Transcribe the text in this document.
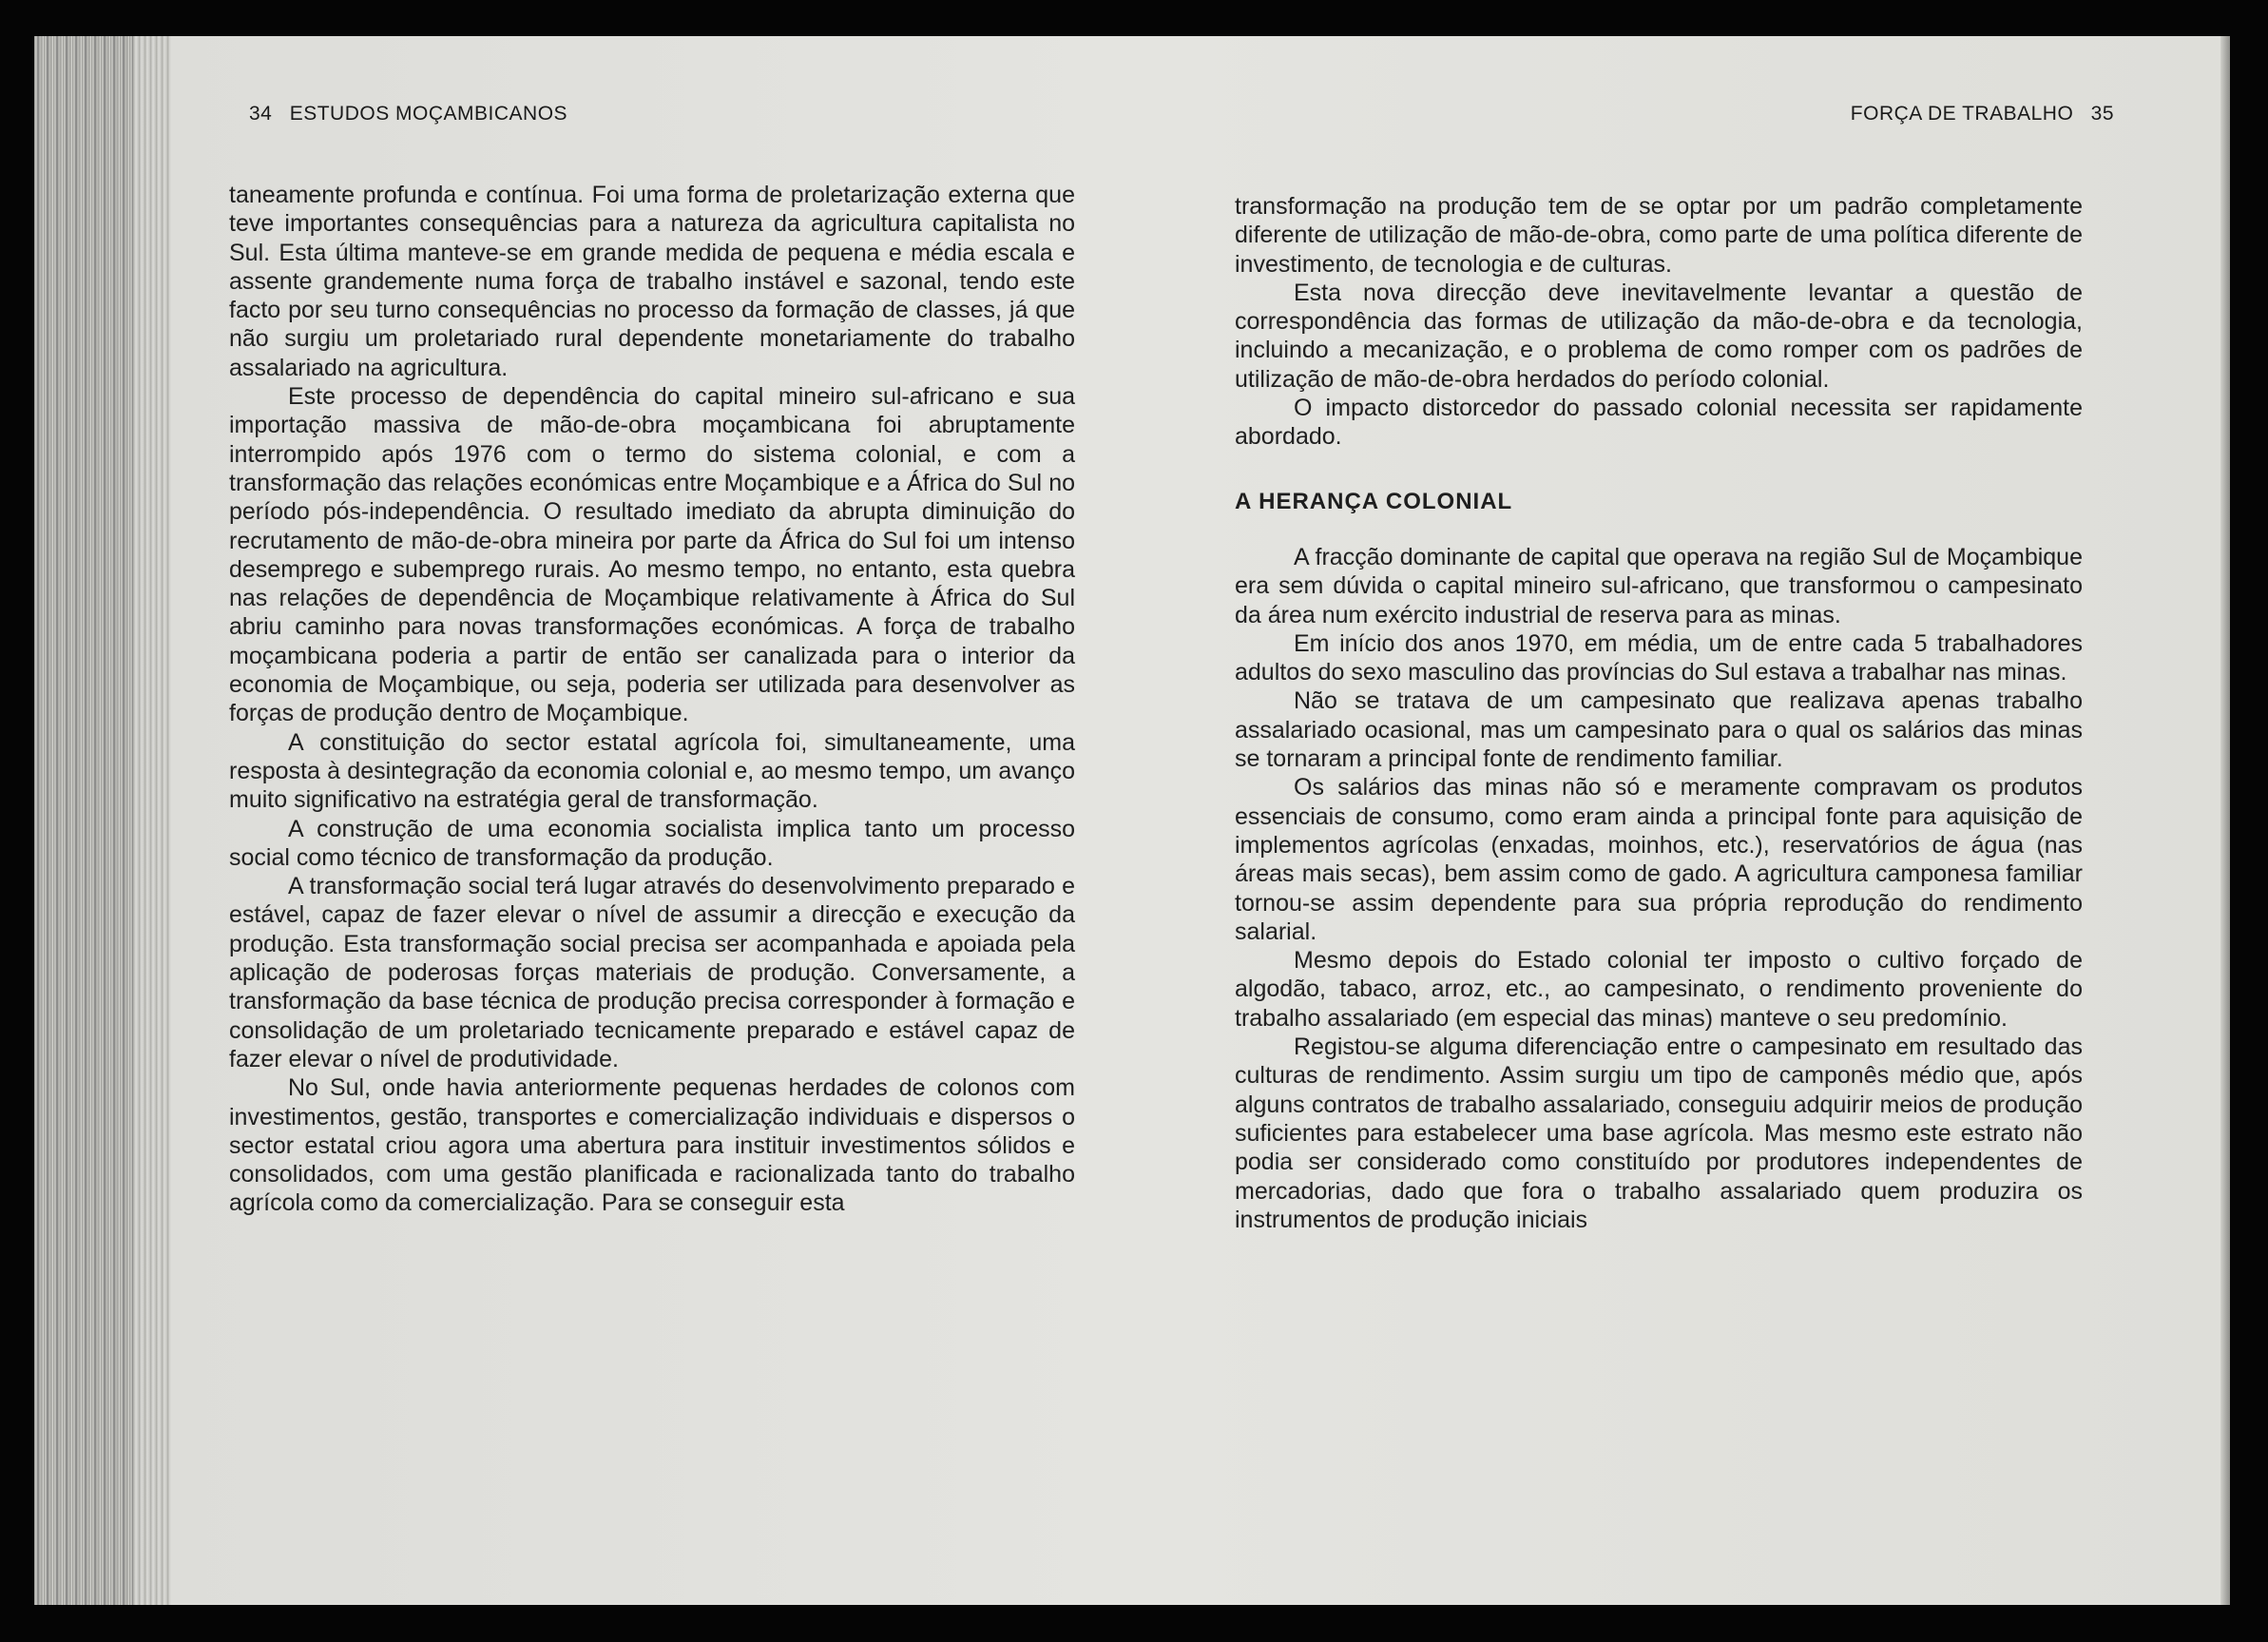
34 ESTUDOS MOÇAMBICANOS	FORÇA DE TRABALHO 35

taneamente profunda e contínua. Foi uma forma de proletarização externa que teve importantes consequências para a natureza da agricultura capitalista no Sul. Esta última manteve-se em grande medida de pequena e média escala e assente grandemente numa força de trabalho instável e sazonal, tendo este facto por seu turno consequências no processo da formação de classes, já que não surgiu um proletariado rural dependente monetariamente do trabalho assalariado na agricultura.

Este processo de dependência do capital mineiro sul-africano e sua importação massiva de mão-de-obra moçambicana foi abruptamente interrompido após 1976 com o termo do sistema colonial, e com a transformação das relações económicas entre Moçambique e a África do Sul no período pós-independência. O resultado imediato da abrupta diminuição do recrutamento de mão-de-obra mineira por parte da África do Sul foi um intenso desemprego e subemprego rurais. Ao mesmo tempo, no entanto, esta quebra nas relações de dependência de Moçambique relativamente à África do Sul abriu caminho para novas transformações económicas. A força de trabalho moçambicana poderia a partir de então ser canalizada para o interior da economia de Moçambique, ou seja, poderia ser utilizada para desenvolver as forças de produção dentro de Moçambique.

A constituição do sector estatal agrícola foi, simultaneamente, uma resposta à desintegração da economia colonial e, ao mesmo tempo, um avanço muito significativo na estratégia geral de transformação.

A construção de uma economia socialista implica tanto um processo social como técnico de transformação da produção.

A transformação social terá lugar através do desenvolvimento preparado e estável, capaz de fazer elevar o nível de assumir a direcção e execução da produção. Esta transformação social precisa ser acompanhada e apoiada pela aplicação de poderosas forças materiais de produção. Conversamente, a transformação da base técnica de produção precisa corresponder à formação e consolidação de um proletariado tecnicamente preparado e estável capaz de fazer elevar o nível de produtividade.

No Sul, onde havia anteriormente pequenas herdades de colonos com investimentos, gestão, transportes e comercialização individuais e dispersos o sector estatal criou agora uma abertura para instituir investimentos sólidos e consolidados, com uma gestão planificada e racionalizada tanto do trabalho agrícola como da comercialização. Para se conseguir esta

transformação na produção tem de se optar por um padrão completamente diferente de utilização de mão-de-obra, como parte de uma política diferente de investimento, de tecnologia e de culturas.

Esta nova direcção deve inevitavelmente levantar a questão de correspondência das formas de utilização da mão-de-obra e da tecnologia, incluindo a mecanização, e o problema de como romper com os padrões de utilização de mão-de-obra herdados do período colonial.

O impacto distorcedor do passado colonial necessita ser rapidamente abordado.

A HERANÇA COLONIAL

A fracção dominante de capital que operava na região Sul de Moçambique era sem dúvida o capital mineiro sul-africano, que transformou o campesinato da área num exército industrial de reserva para as minas.

Em início dos anos 1970, em média, um de entre cada 5 trabalhadores adultos do sexo masculino das províncias do Sul estava a trabalhar nas minas.

Não se tratava de um campesinato que realizava apenas trabalho assalariado ocasional, mas um campesinato para o qual os salários das minas se tornaram a principal fonte de rendimento familiar.

Os salários das minas não só e meramente compravam os produtos essenciais de consumo, como eram ainda a principal fonte para aquisição de implementos agrícolas (enxadas, moinhos, etc.), reservatórios de água (nas áreas mais secas), bem assim como de gado. A agricultura camponesa familiar tornou-se assim dependente para sua própria reprodução do rendimento salarial.

Mesmo depois do Estado colonial ter imposto o cultivo forçado de algodão, tabaco, arroz, etc., ao campesinato, o rendimento proveniente do trabalho assalariado (em especial das minas) manteve o seu predomínio.

Registou-se alguma diferenciação entre o campesinato em resultado das culturas de rendimento. Assim surgiu um tipo de camponês médio que, após alguns contratos de trabalho assalariado, conseguiu adquirir meios de produção suficientes para estabelecer uma base agrícola. Mas mesmo este estrato não podia ser considerado como constituído por produtores independentes de mercadorias, dado que fora o trabalho assalariado quem produzira os instrumentos de produção iniciais
